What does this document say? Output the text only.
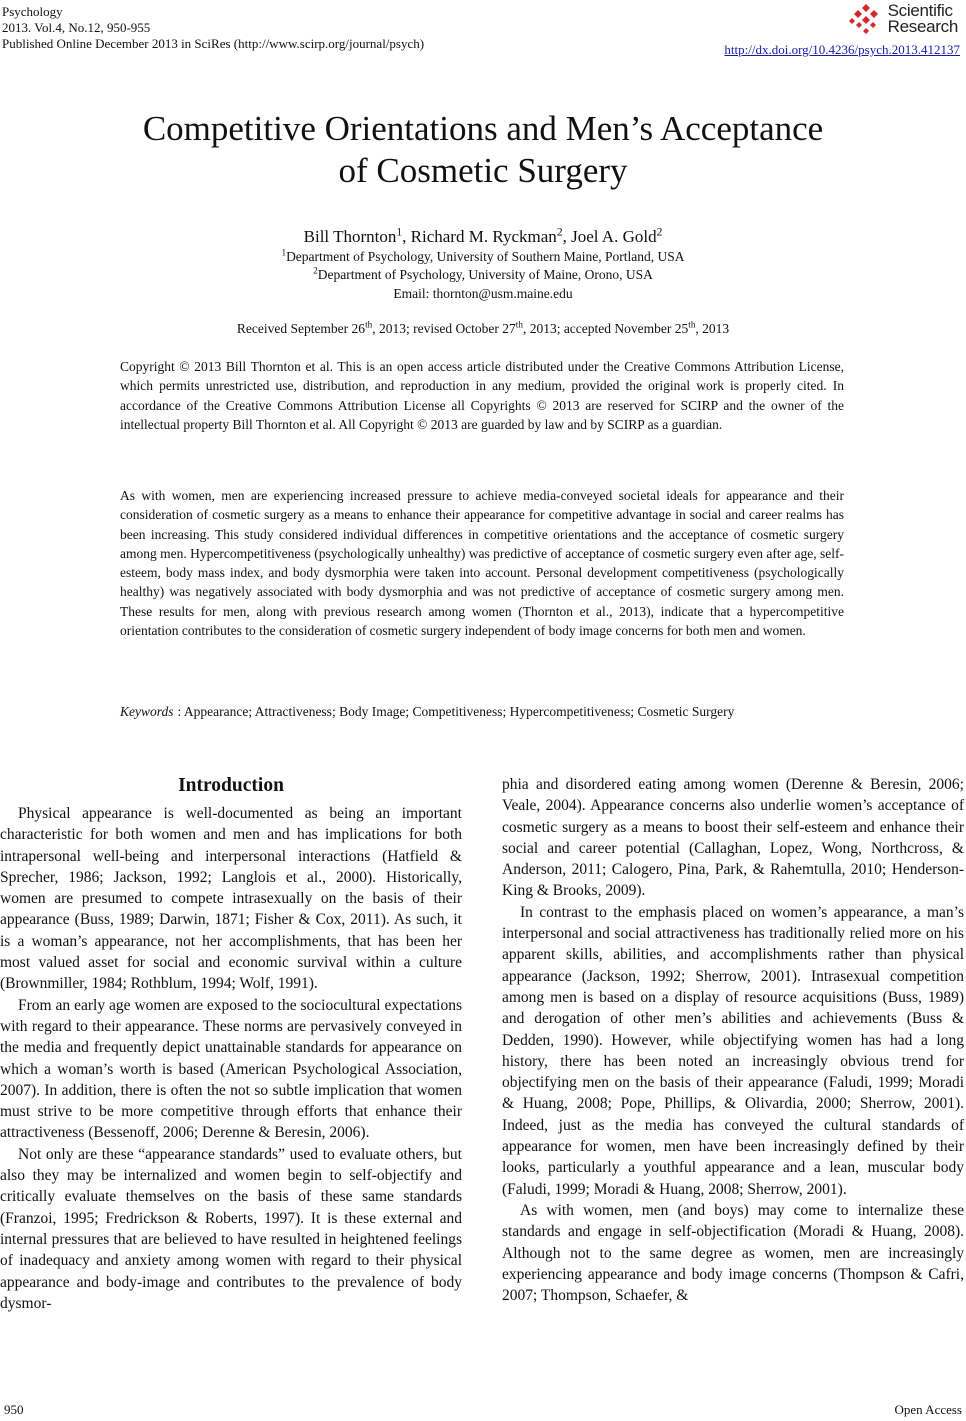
Psychology
2013. Vol.4, No.12, 950-955
Published Online December 2013 in SciRes (http://www.scirp.org/journal/psych)
Scientific
Research
http://dx.doi.org/10.4236/psych.2013.412137
Competitive Orientations and Men’s Acceptance
of Cosmetic Surgery
Bill Thornton$^1$, Richard M. Ryckman$^2$, Joel A. Gold$^2$
$^1$Department of Psychology, University of Southern Maine, Portland, USA
$^2$Department of Psychology, University of Maine, Orono, USA
Email: thornton@usm.maine.edu
Received September 26th, 2013; revised October 27th, 2013; accepted November 25th, 2013
Copyright © 2013 Bill Thornton et al. This is an open access article distributed under the Creative Commons Attribution License, which permits unrestricted use, distribution, and reproduction in any medium, provided the original work is properly cited. In accordance of the Creative Commons Attribution License all Copyrights © 2013 are reserved for SCIRP and the owner of the intellectual property Bill Thornton et al. All Copyright © 2013 are guarded by law and by SCIRP as a guardian.
As with women, men are experiencing increased pressure to achieve media-conveyed societal ideals for appearance and their consideration of cosmetic surgery as a means to enhance their appearance for competitive advantage in social and career realms has been increasing. This study considered individual differences in competitive orientations and the acceptance of cosmetic surgery among men. Hypercompetitiveness (psychologically unhealthy) was predictive of acceptance of cosmetic surgery even after age, self-esteem, body mass index, and body dysmorphia were taken into account. Personal development competitiveness (psychologically healthy) was negatively associated with body dysmorphia and was not predictive of acceptance of cosmetic surgery among men. These results for men, along with previous research among women (Thornton et al., 2013), indicate that a hypercompetitive orientation contributes to the consideration of cosmetic surgery independent of body image concerns for both men and women.
Keywords : Appearance; Attractiveness; Body Image; Competitiveness; Hypercompetitiveness; Cosmetic Surgery
Introduction

Physical appearance is well-documented as being an important characteristic for both women and men and has implications for both intrapersonal well-being and interpersonal interactions (Hatfield & Sprecher, 1986; Jackson, 1992; Langlois et al., 2000). Historically, women are presumed to compete intrasexually on the basis of their appearance (Buss, 1989; Darwin, 1871; Fisher & Cox, 2011). As such, it is a woman’s appearance, not her accomplishments, that has been her most valued asset for social and economic survival within a culture (Brownmiller, 1984; Rothblum, 1994; Wolf, 1991).

From an early age women are exposed to the sociocultural expectations with regard to their appearance. These norms are pervasively conveyed in the media and frequently depict unattainable standards for appearance on which a woman’s worth is based (American Psychological Association, 2007). In addition, there is often the not so subtle implication that women must strive to be more competitive through efforts that enhance their attractiveness (Bessenoff, 2006; Derenne & Beresin, 2006).

Not only are these “appearance standards” used to evaluate others, but also they may be internalized and women begin to self-objectify and critically evaluate themselves on the basis of these same standards (Franzoi, 1995; Fredrickson & Roberts, 1997). It is these external and internal pressures that are believed to have resulted in heightened feelings of inadequacy and anxiety among women with regard to their physical appearance and body-image and contributes to the prevalence of body dysmor-

phia and disordered eating among women (Derenne & Beresin, 2006; Veale, 2004). Appearance concerns also underlie women’s acceptance of cosmetic surgery as a means to boost their self-esteem and enhance their social and career potential (Callaghan, Lopez, Wong, Northcross, & Anderson, 2011; Calogero, Pina, Park, & Rahemtulla, 2010; Henderson-King & Brooks, 2009).

In contrast to the emphasis placed on women’s appearance, a man’s interpersonal and social attractiveness has traditionally relied more on his apparent skills, abilities, and accomplishments rather than physical appearance (Jackson, 1992; Sherrow, 2001). Intrasexual competition among men is based on a display of resource acquisitions (Buss, 1989) and derogation of other men’s abilities and achievements (Buss & Dedden, 1990). However, while objectifying women has had a long history, there has been noted an increasingly obvious trend for objectifying men on the basis of their appearance (Faludi, 1999; Moradi & Huang, 2008; Pope, Phillips, & Olivardia, 2000; Sherrow, 2001). Indeed, just as the media has conveyed the cultural standards of appearance for women, men have been increasingly defined by their looks, particularly a youthful appearance and a lean, muscular body (Faludi, 1999; Moradi & Huang, 2008; Sherrow, 2001).

As with women, men (and boys) may come to internalize these standards and engage in self-objectification (Moradi & Huang, 2008). Although not to the same degree as women, men are increasingly experiencing appearance and body image concerns (Thompson & Cafri, 2007; Thompson, Schaefer, &

950	Open Access
